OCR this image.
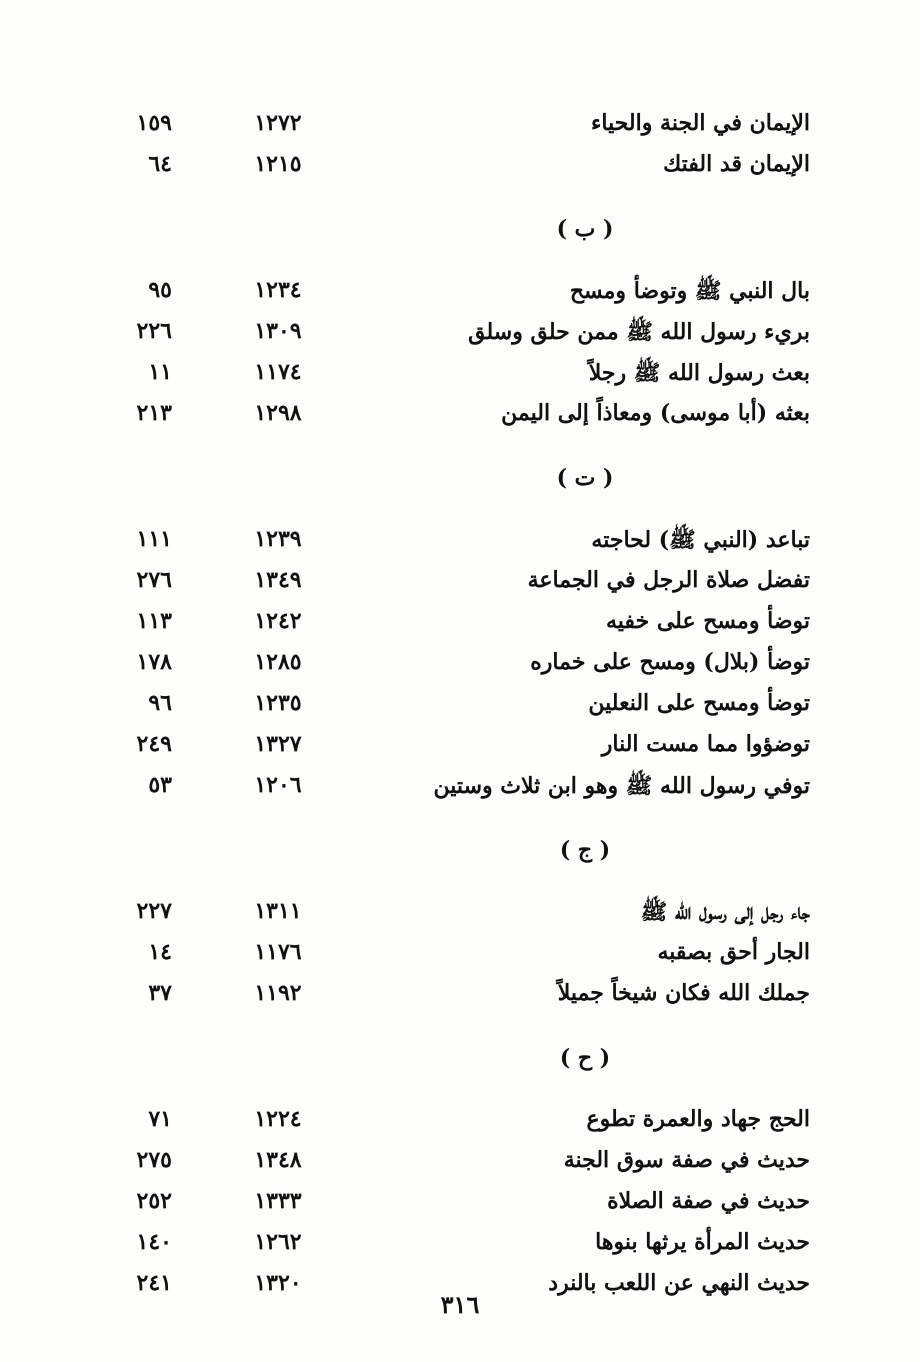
الإيمان في الجنة والحياء
١٢٧٢
١٥٩
الإيمان قد الفتك
١٢١٥
٦٤
( ب )
بال النبي ﷺ وتوضأ ومسح
١٢٣٤
٩٥
بريء رسول الله ﷺ ممن حلق وسلق
١٣٠٩
٢٢٦
بعث رسول الله ﷺ رجلاً
١١٧٤
١١
بعثه (أبا موسى) ومعاذاً إلى اليمن
١٢٩٨
٢١٣
( ت )
تباعد (النبي ﷺ) لحاجته
١٢٣٩
١١١
تفضل صلاة الرجل في الجماعة
١٣٤٩
٢٧٦
توضأ ومسح على خفيه
١٢٤٢
١١٣
توضأ (بلال) ومسح على خماره
١٢٨٥
١٧٨
توضأ ومسح على النعلين
١٢٣٥
٩٦
توضؤوا مما مست النار
١٣٢٧
٢٤٩
توفي رسول الله ﷺ وهو ابن ثلاث وستين
١٢٠٦
٥٣
( ج )
جاء رجل إلى رسول الله ﷺ
١٣١١
٢٢٧
الجار أحق بصقبه
١١٧٦
١٤
جملك الله فكان شيخاً جميلاً
١١٩٢
٣٧
( ح )
الحج جهاد والعمرة تطوع
١٢٢٤
٧١
حديث في صفة سوق الجنة
١٣٤٨
٢٧٥
حديث في صفة الصلاة
١٣٣٣
٢٥٢
حديث المرأة يرثها بنوها
١٢٦٢
١٤٠
حديث النهي عن اللعب بالنرد
١٣٢٠
٢٤١
٣١٦
